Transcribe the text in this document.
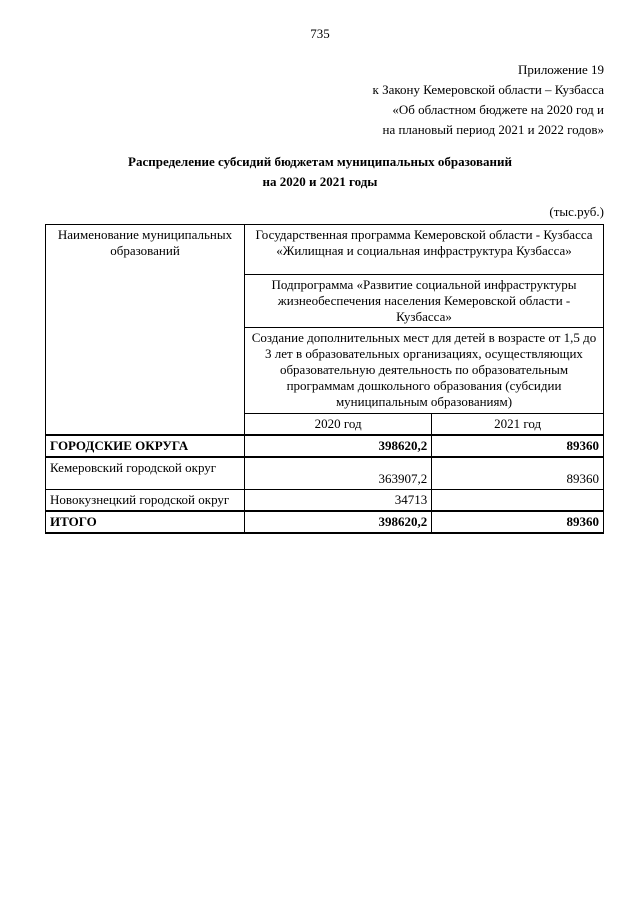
735
Приложение 19
к Закону Кемеровской области – Кузбасса
«Об областном бюджете на 2020 год и
на плановый период 2021 и 2022 годов»
Распределение субсидий бюджетам муниципальных образований
на 2020 и 2021 годы
(тыс.руб.)
Наименование муниципальных образований	Государственная программа Кемеровской области - Кузбасса «Жилищная и социальная инфраструктура Кузбасса»	
	Подпрограмма «Развитие социальной инфраструктуры жизнеобеспечения населения Кемеровской области - Кузбасса»	
	Создание дополнительных мест для детей в возрасте от 1,5 до 3 лет в образовательных организациях, осуществляющих образовательную деятельность по образовательным программам дошкольного образования (субсидии муниципальным образованиям)	
	2020 год	2021 год
ГОРОДСКИЕ ОКРУГА	398620,2	89360
Кемеровский городской округ	363907,2	89360
Новокузнецкий городской округ	34713	
ИТОГО	398620,2	89360
